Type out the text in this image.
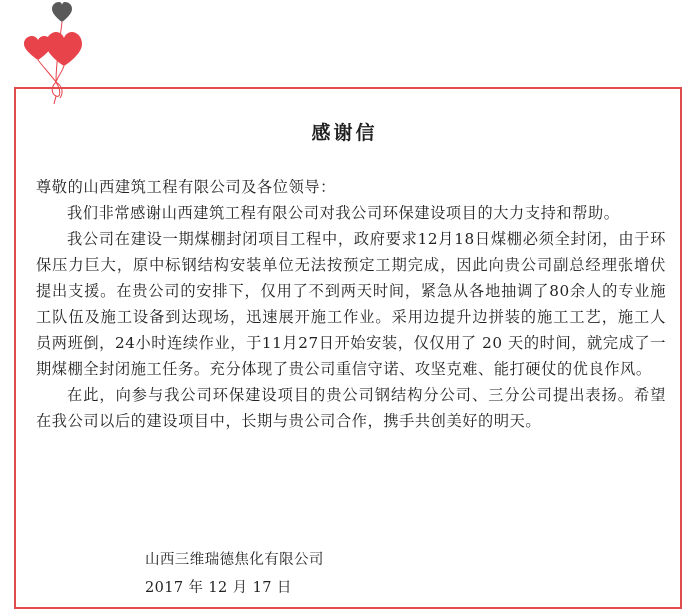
感谢信

尊敬的山西建筑工程有限公司及各位领导：

我们非常感谢山西建筑工程有限公司对我公司环保建设项目的大力支持和帮助。

我公司在建设一期煤棚封闭项目工程中，政府要求12月18日煤棚必须全封闭，由于环保压力巨大，原中标钢结构安装单位无法按预定工期完成，因此向贵公司副总经理张增伏提出支援。在贵公司的安排下，仅用了不到两天时间，紧急从各地抽调了80余人的专业施工队伍及施工设备到达现场，迅速展开施工作业。采用边提升边拼装的施工工艺，施工人员两班倒，24小时连续作业，于11月27日开始安装，仅仅用了 20 天的时间，就完成了一期煤棚全封闭施工任务。充分体现了贵公司重信守诺、攻坚克难、能打硬仗的优良作风。

在此，向参与我公司环保建设项目的贵公司钢结构分公司、三分公司提出表扬。希望在我公司以后的建设项目中，长期与贵公司合作，携手共创美好的明天。

山西三维瑞德焦化有限公司
2017 年 12 月 17 日
